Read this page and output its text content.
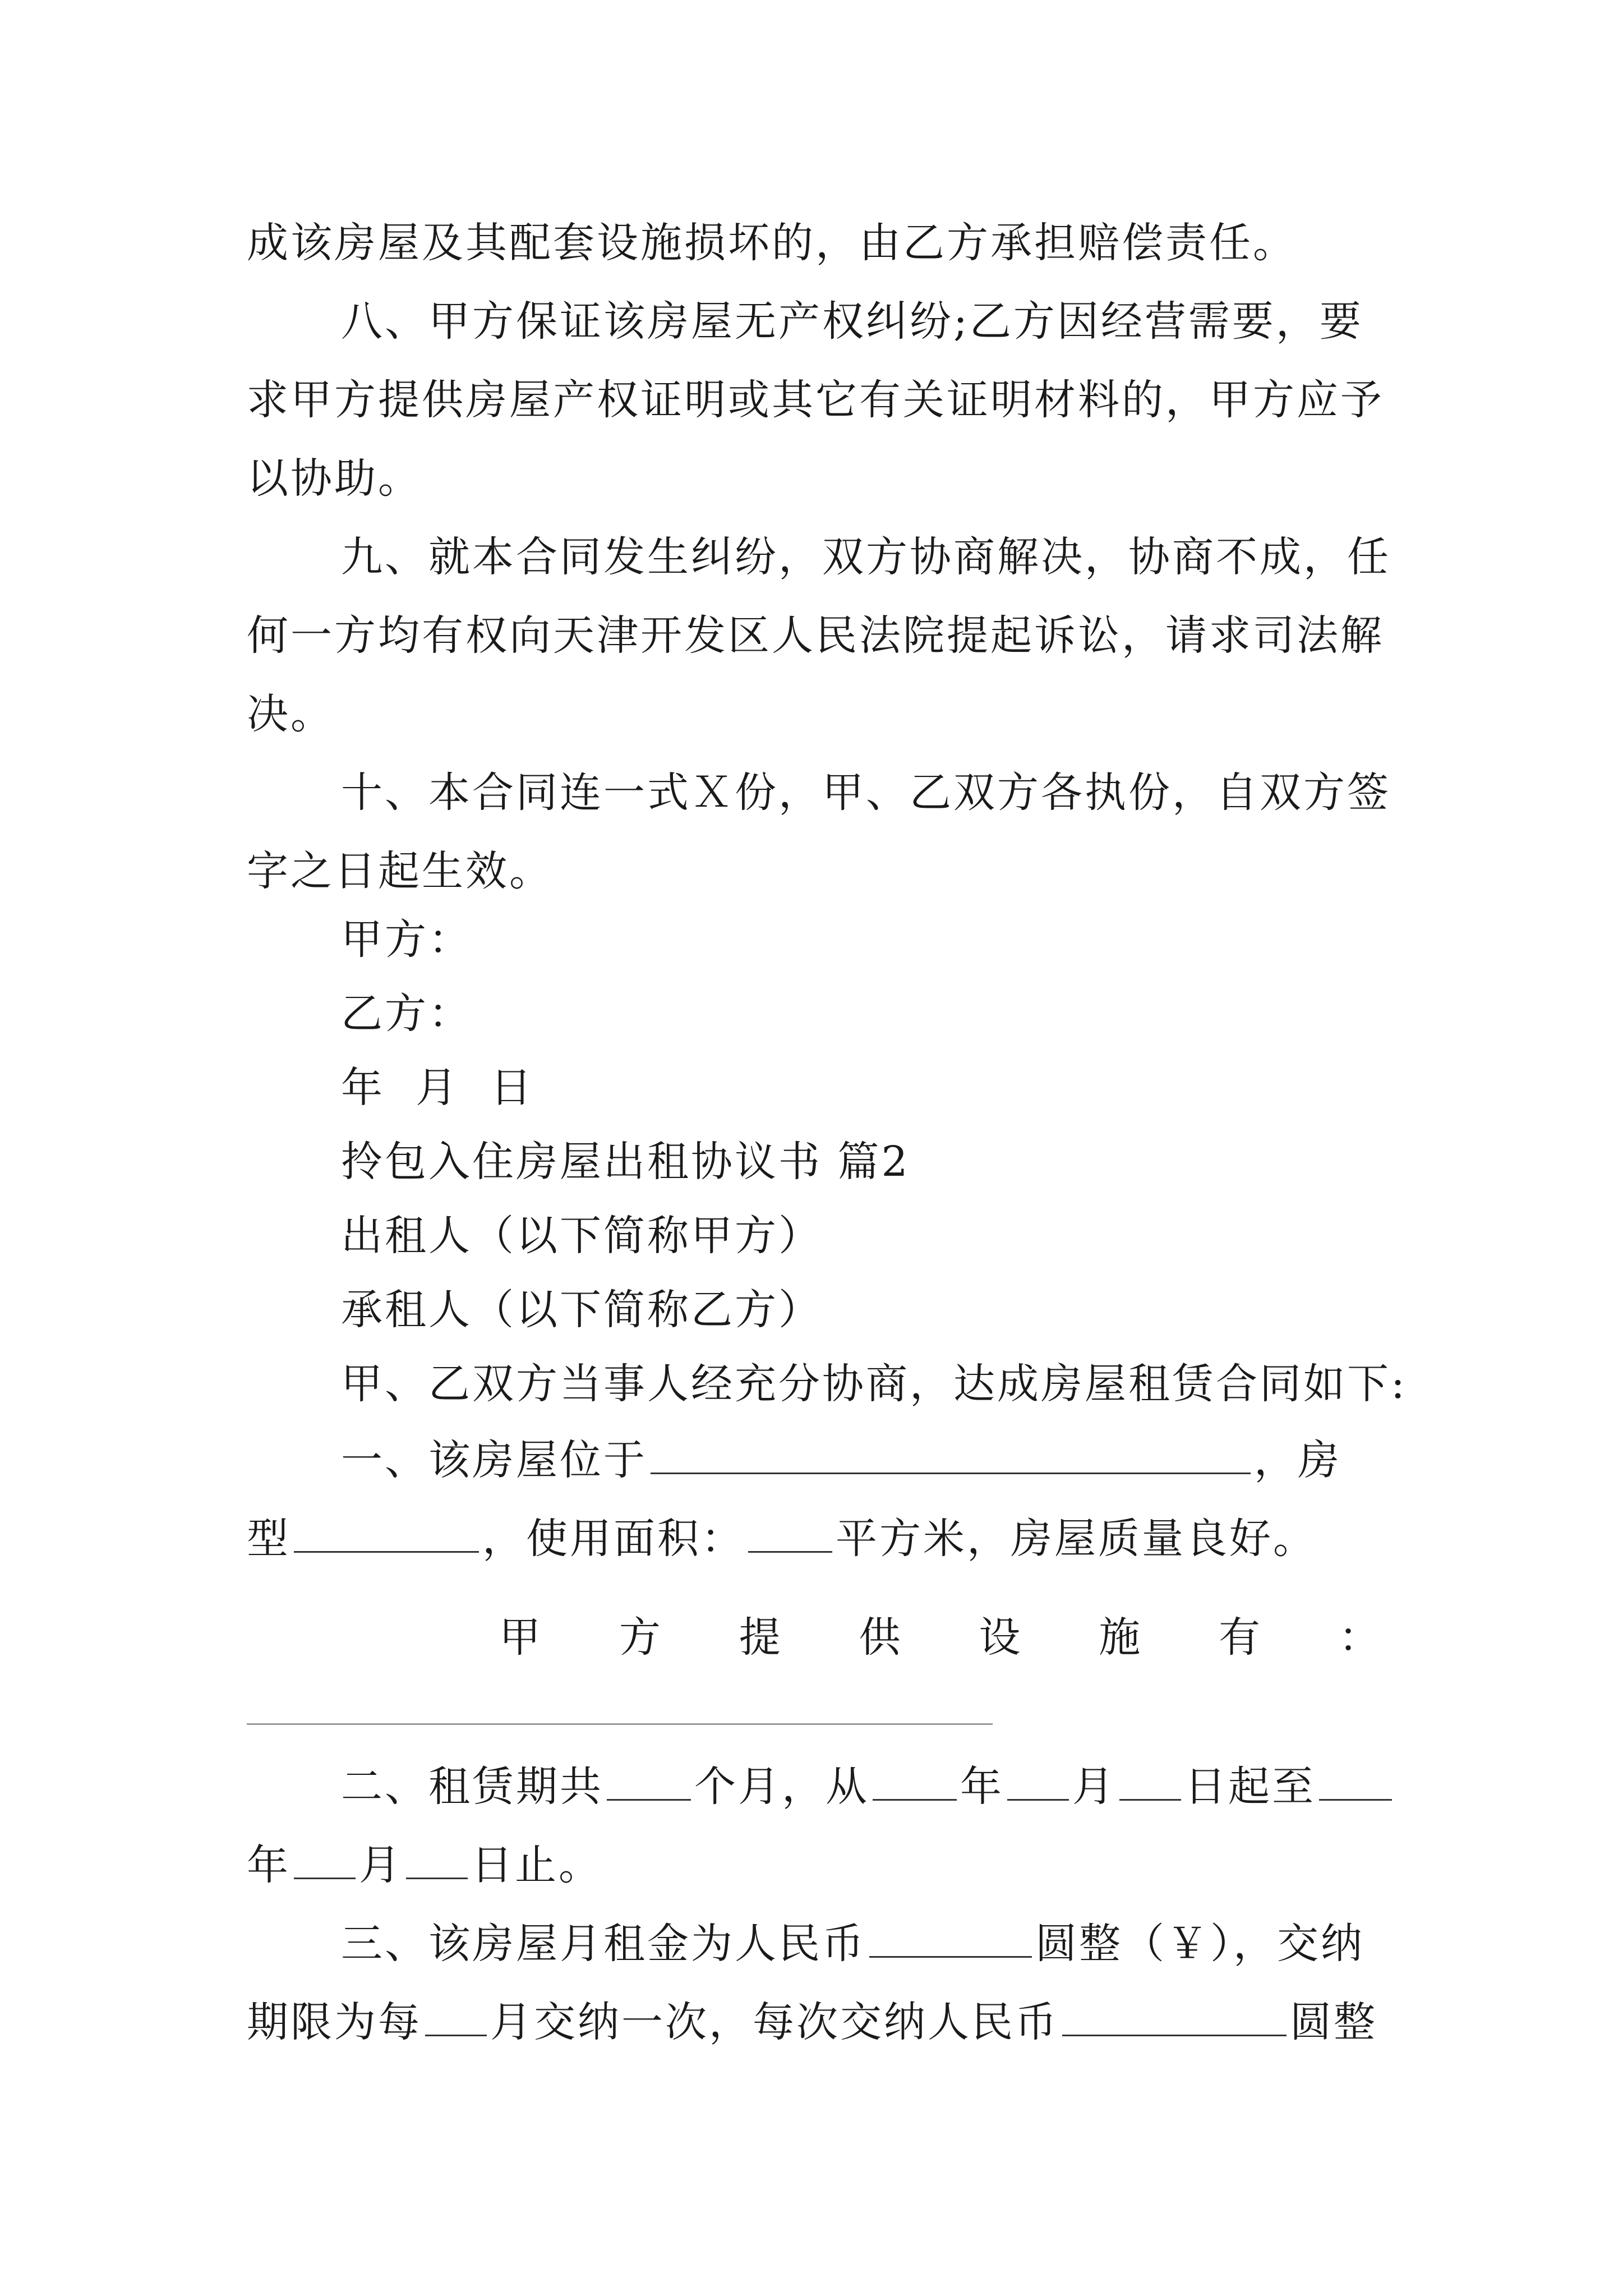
成该房屋及其配套设施损坏的，由乙方承担赔偿责任。
八、甲方保证该房屋无产权纠纷;乙方因经营需要，要
求甲方提供房屋产权证明或其它有关证明材料的，甲方应予
以协助。
九、就本合同发生纠纷，双方协商解决，协商不成，任
何一方均有权向天津开发区人民法院提起诉讼，请求司法解
决。
十、本合同连一式Ｘ份，甲、乙双方各执份，自双方签
字之日起生效。
甲方：
乙方：
年  月  日
拎包入住房屋出租协议书 篇2
出租人（以下简称甲方）
承租人（以下简称乙方）
甲、乙双方当事人经充分协商，达成房屋租赁合同如下:
一、该房屋位于	，房
型	，使用面积： 平方米，房屋质量良好。
甲 方 提 供 设 施 有 ：
二、租赁期共 个月，从 年 月 日起至
年 月 日止。
三、该房屋月租金为人民币	圆整（￥），交纳
期限为每 月交纳一次，每次交纳人民币	圆整
